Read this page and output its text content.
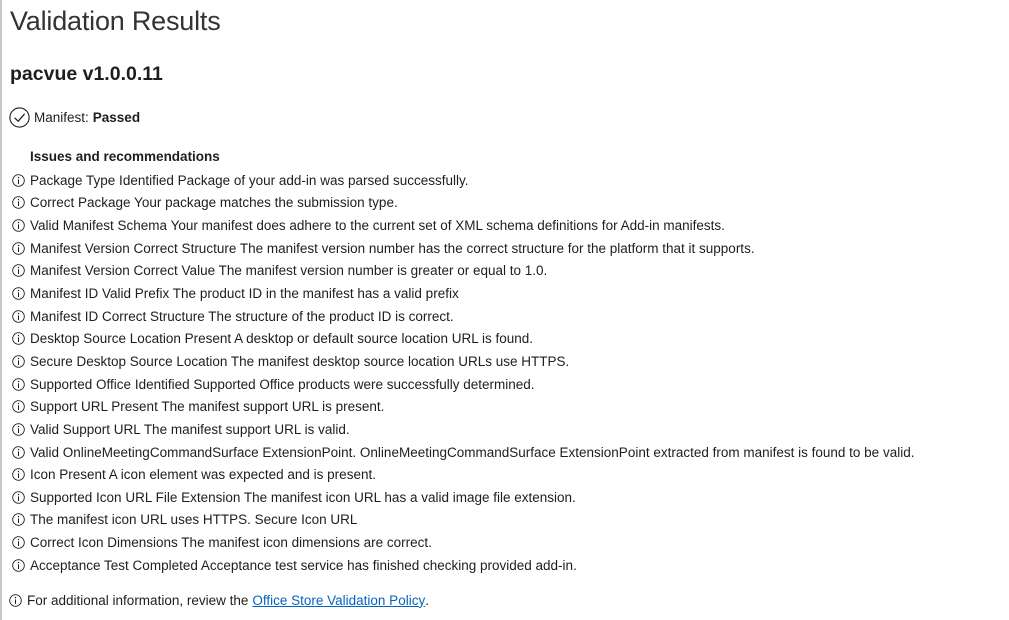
Validation Results
pacvue v1.0.0.11
Manifest: Passed
Issues and recommendations
Package Type Identified Package of your add-in was parsed successfully.
Correct Package Your package matches the submission type.
Valid Manifest Schema Your manifest does adhere to the current set of XML schema definitions for Add-in manifests.
Manifest Version Correct Structure The manifest version number has the correct structure for the platform that it supports.
Manifest Version Correct Value The manifest version number is greater or equal to 1.0.
Manifest ID Valid Prefix The product ID in the manifest has a valid prefix
Manifest ID Correct Structure The structure of the product ID is correct.
Desktop Source Location Present A desktop or default source location URL is found.
Secure Desktop Source Location The manifest desktop source location URLs use HTTPS.
Supported Office Identified Supported Office products were successfully determined.
Support URL Present The manifest support URL is present.
Valid Support URL The manifest support URL is valid.
Valid OnlineMeetingCommandSurface ExtensionPoint. OnlineMeetingCommandSurface ExtensionPoint extracted from manifest is found to be valid.
Icon Present A icon element was expected and is present.
Supported Icon URL File Extension The manifest icon URL has a valid image file extension.
The manifest icon URL uses HTTPS. Secure Icon URL
Correct Icon Dimensions The manifest icon dimensions are correct.
Acceptance Test Completed Acceptance test service has finished checking provided add-in.
For additional information, review the Office Store Validation Policy .
